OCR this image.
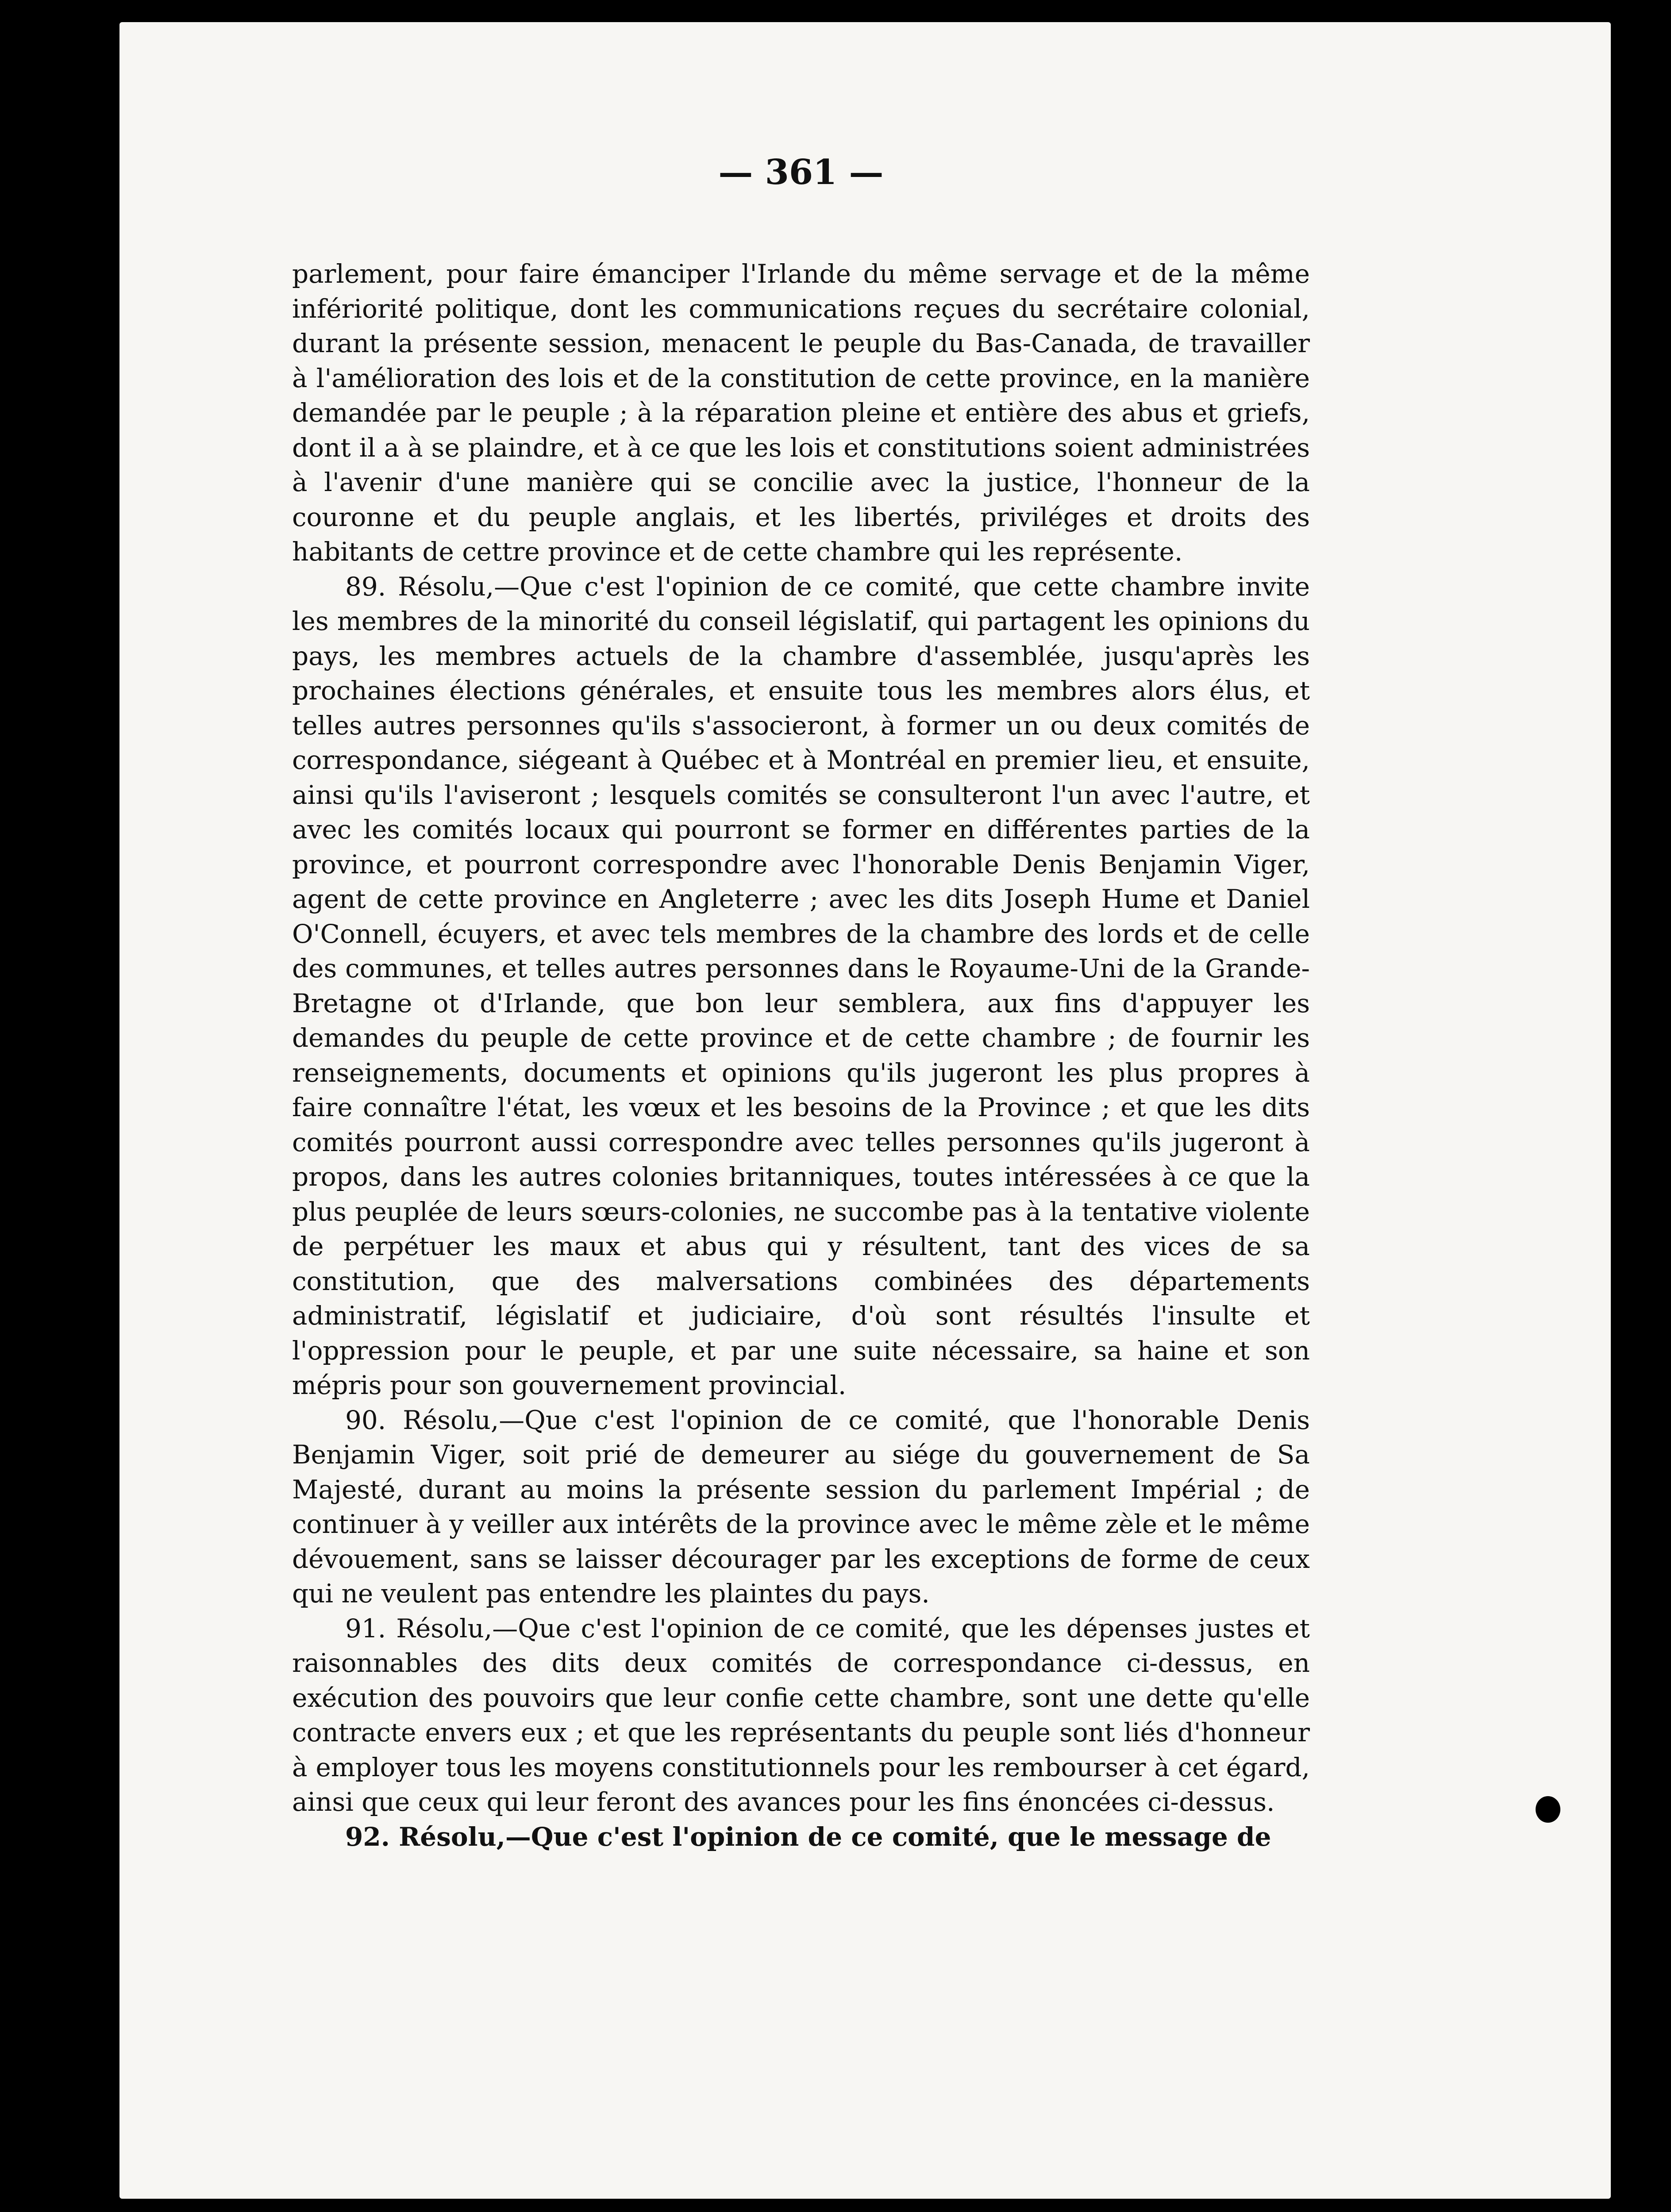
— 361 —

parlement, pour faire émanciper l'Irlande du même servage et de la même infériorité politique, dont les communications reçues du secrétaire colonial, durant la présente session, menacent le peuple du Bas-Canada, de travailler à l'amélioration des lois et de la constitution de cette province, en la manière demandée par le peuple ; à la réparation pleine et entière des abus et griefs, dont il a à se plaindre, et à ce que les lois et constitutions soient administrées à l'avenir d'une manière qui se concilie avec la justice, l'honneur de la couronne et du peuple anglais, et les libertés, priviléges et droits des habitants de cettre province et de cette chambre qui les représente.

89. Résolu,—Que c'est l'opinion de ce comité, que cette chambre invite les membres de la minorité du conseil législatif, qui partagent les opinions du pays, les membres actuels de la chambre d'assemblée, jusqu'après les prochaines élections générales, et ensuite tous les membres alors élus, et telles autres personnes qu'ils s'associeront, à former un ou deux comités de correspondance, siégeant à Québec et à Montréal en premier lieu, et ensuite, ainsi qu'ils l'aviseront ; lesquels comités se consulteront l'un avec l'autre, et avec les comités locaux qui pourront se former en différentes parties de la province, et pourront correspondre avec l'honorable Denis Benjamin Viger, agent de cette province en Angleterre ; avec les dits Joseph Hume et Daniel O'Connell, écuyers, et avec tels membres de la chambre des lords et de celle des communes, et telles autres personnes dans le Royaume-Uni de la Grande-Bretagne ot d'Irlande, que bon leur semblera, aux fins d'appuyer les demandes du peuple de cette province et de cette chambre ; de fournir les renseignements, documents et opinions qu'ils jugeront les plus propres à faire connaître l'état, les vœux et les besoins de la Province ; et que les dits comités pourront aussi correspondre avec telles personnes qu'ils jugeront à propos, dans les autres colonies britanniques, toutes intéressées à ce que la plus peuplée de leurs sœurs-colonies, ne succombe pas à la tentative violente de perpétuer les maux et abus qui y résultent, tant des vices de sa constitution, que des malversations combinées des départements administratif, législatif et judiciaire, d'où sont résultés l'insulte et l'oppression pour le peuple, et par une suite nécessaire, sa haine et son mépris pour son gouvernement provincial.

90. Résolu,—Que c'est l'opinion de ce comité, que l'honorable Denis Benjamin Viger, soit prié de demeurer au siége du gouvernement de Sa Majesté, durant au moins la présente session du parlement Impérial ; de continuer à y veiller aux intérêts de la province avec le même zèle et le même dévouement, sans se laisser décourager par les exceptions de forme de ceux qui ne veulent pas entendre les plaintes du pays.

91. Résolu,—Que c'est l'opinion de ce comité, que les dépenses justes et raisonnables des dits deux comités de correspondance ci-dessus, en exécution des pouvoirs que leur confie cette chambre, sont une dette qu'elle contracte envers eux ; et que les représentants du peuple sont liés d'honneur à employer tous les moyens constitutionnels pour les rembourser à cet égard, ainsi que ceux qui leur feront des avances pour les fins énoncées ci-dessus.

92. Résolu,—Que c'est l'opinion de ce comité, que le message de
